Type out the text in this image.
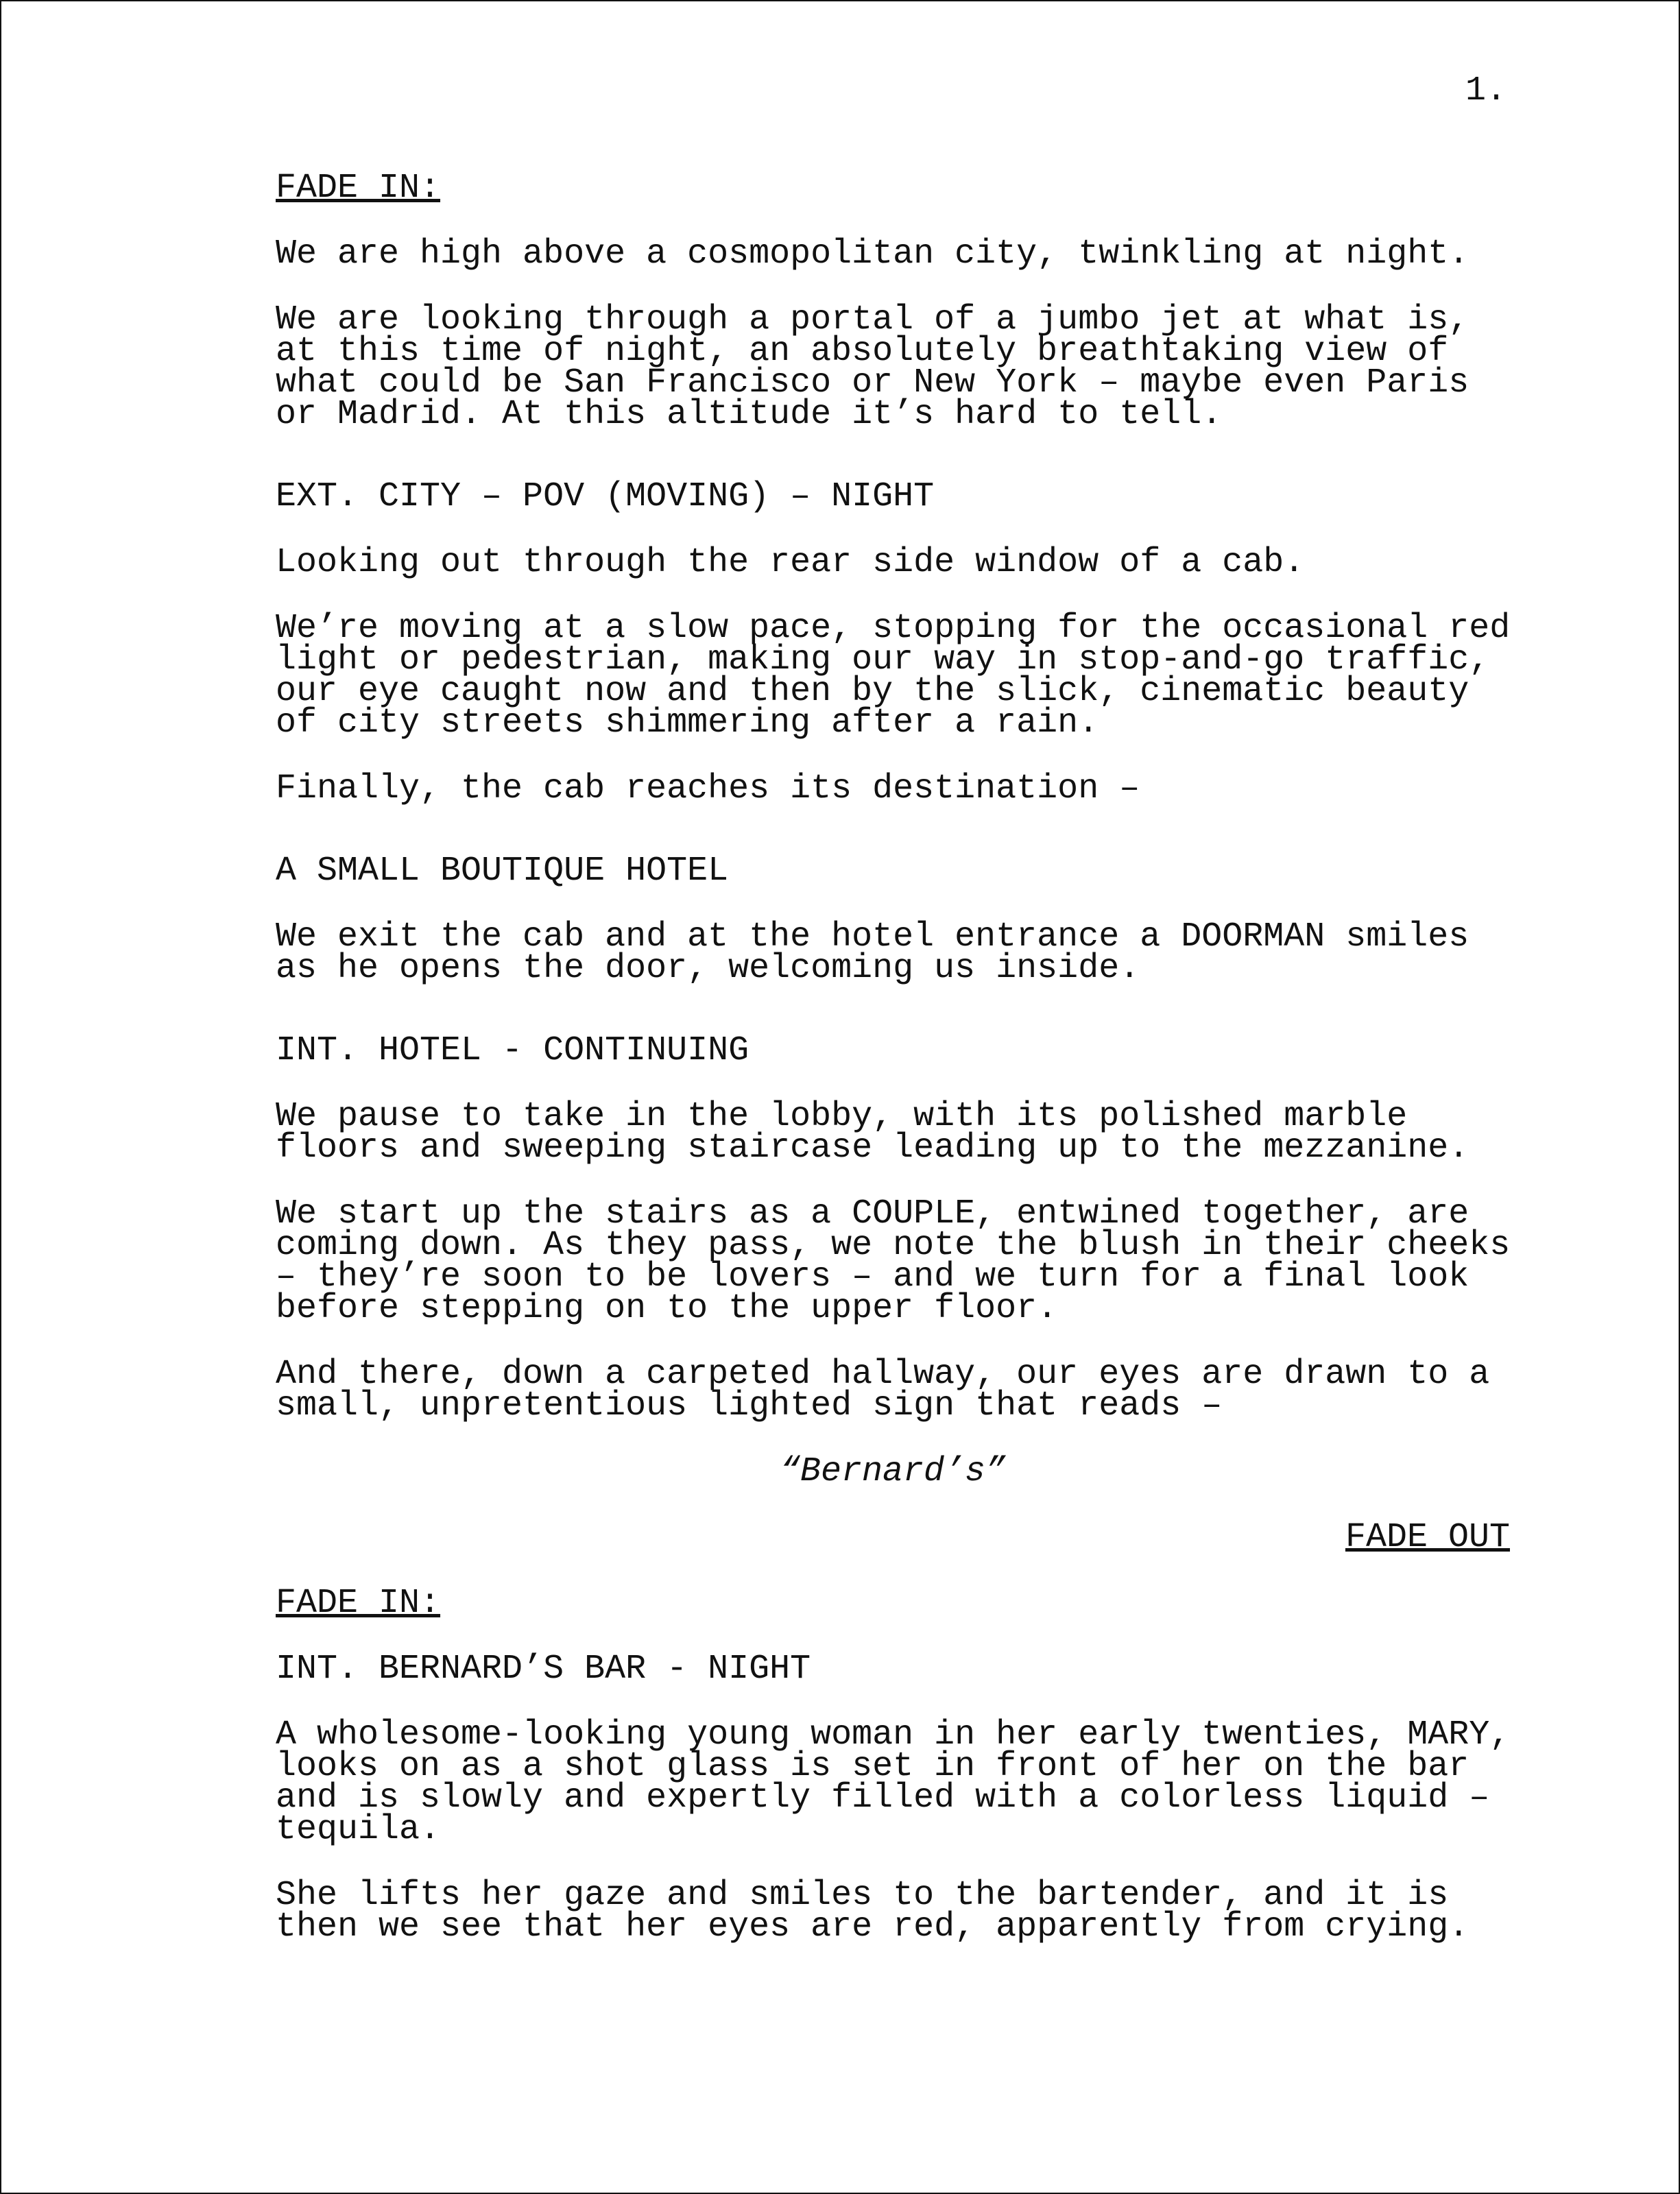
1.
FADE IN:
We are high above a cosmopolitan city, twinkling at night.
We are looking through a portal of a jumbo jet at what is,
at this time of night, an absolutely breathtaking view of
what could be San Francisco or New York – maybe even Paris
or Madrid. At this altitude it’s hard to tell.
EXT. CITY – POV (MOVING) – NIGHT
Looking out through the rear side window of a cab.
We’re moving at a slow pace, stopping for the occasional red
light or pedestrian, making our way in stop-and-go traffic,
our eye caught now and then by the slick, cinematic beauty
of city streets shimmering after a rain.
Finally, the cab reaches its destination –
A SMALL BOUTIQUE HOTEL
We exit the cab and at the hotel entrance a DOORMAN smiles
as he opens the door, welcoming us inside.
INT. HOTEL - CONTINUING
We pause to take in the lobby, with its polished marble
floors and sweeping staircase leading up to the mezzanine.
We start up the stairs as a COUPLE, entwined together, are
coming down. As they pass, we note the blush in their cheeks
– they’re soon to be lovers – and we turn for a final look
before stepping on to the upper floor.
And there, down a carpeted hallway, our eyes are drawn to a
small, unpretentious lighted sign that reads –
“Bernard’s”
FADE OUT
FADE IN:
INT. BERNARD’S BAR - NIGHT
A wholesome-looking young woman in her early twenties, MARY,
looks on as a shot glass is set in front of her on the bar
and is slowly and expertly filled with a colorless liquid –
tequila.
She lifts her gaze and smiles to the bartender, and it is
then we see that her eyes are red, apparently from crying.
